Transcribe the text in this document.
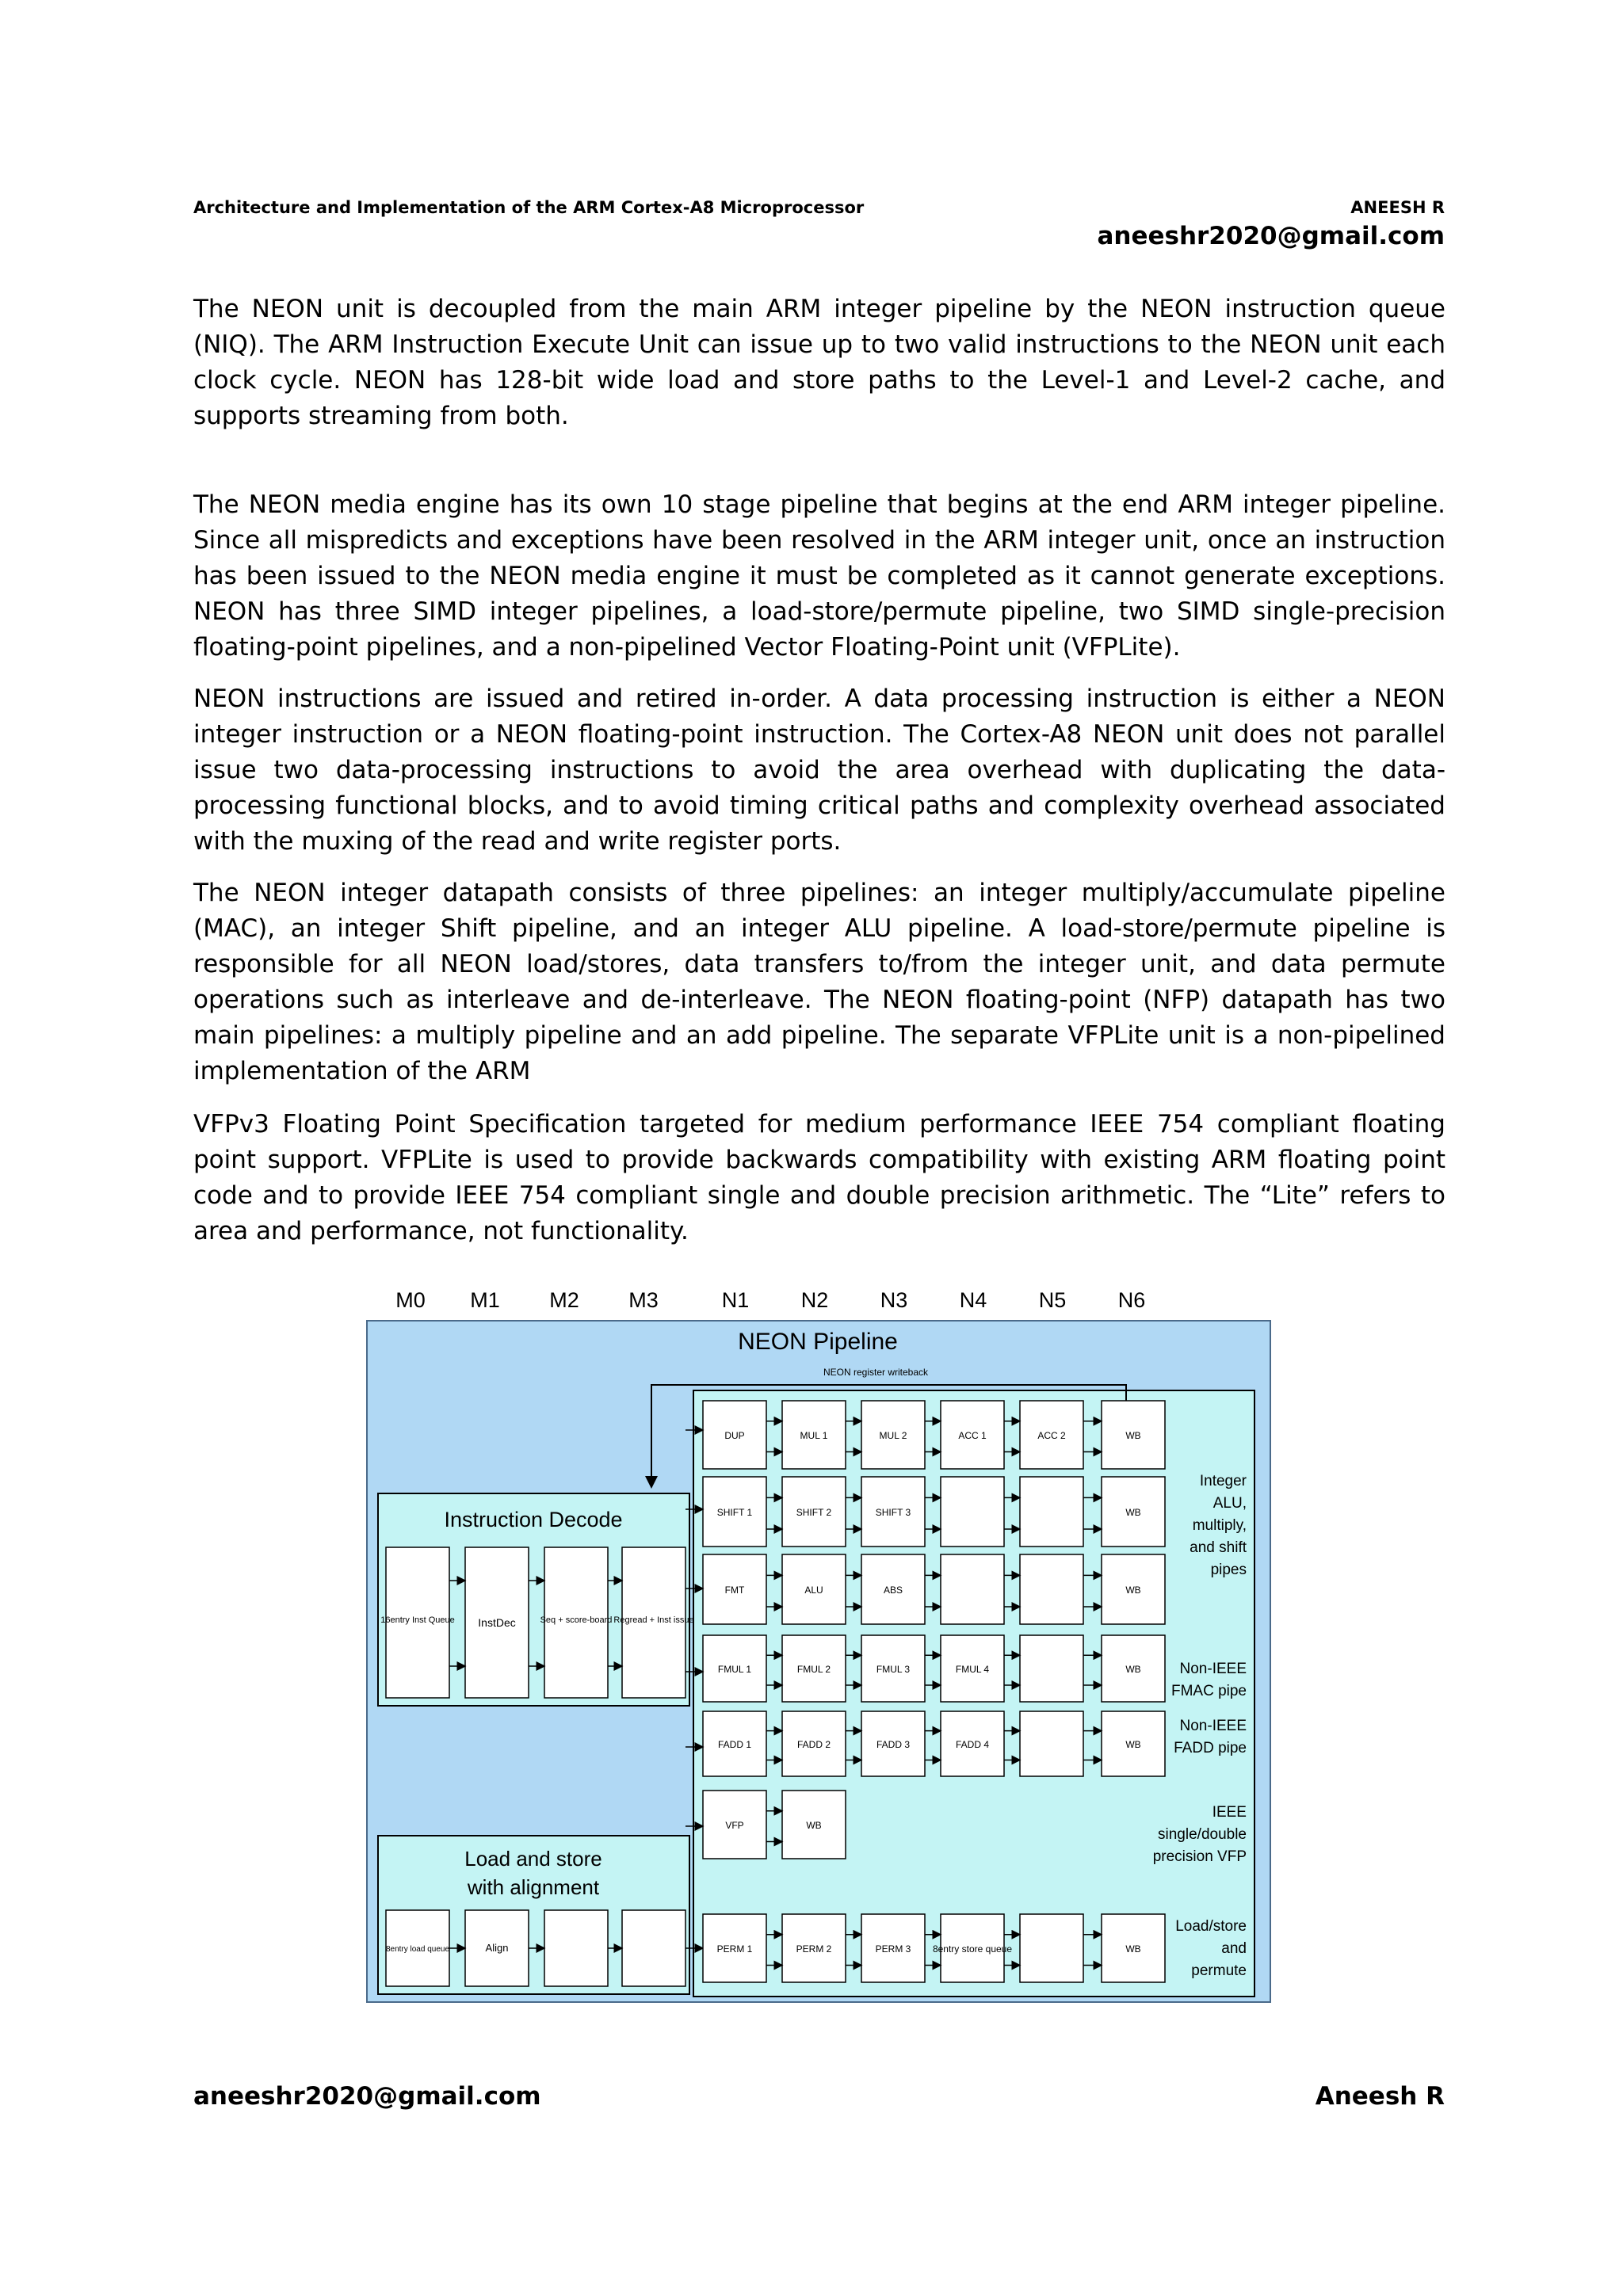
Architecture and Implementation of the ARM Cortex-A8 Microprocessor	ANEESH R
aneeshr2020@gmail.com

The NEON unit is decoupled from the main ARM integer pipeline by the NEON instruction queue (NIQ). The ARM Instruction Execute Unit can issue up to two valid instructions to the NEON unit each clock cycle. NEON has 128-bit wide load and store paths to the Level-1 and Level-2 cache, and supports streaming from both.

The NEON media engine has its own 10 stage pipeline that begins at the end ARM integer pipeline. Since all mispredicts and exceptions have been resolved in the ARM integer unit, once an instruction has been issued to the NEON media engine it must be completed as it cannot generate exceptions. NEON has three SIMD integer pipelines, a load-store/permute pipeline, two SIMD single-precision floating-point pipelines, and a non-pipelined Vector Floating-Point unit (VFPLite).

NEON instructions are issued and retired in-order. A data processing instruction is either a NEON integer instruction or a NEON floating-point instruction. The Cortex-A8 NEON unit does not parallel issue two data-processing instructions to avoid the area overhead with duplicating the data-processing functional blocks, and to avoid timing critical paths and complexity overhead associated with the muxing of the read and write register ports.

The NEON integer datapath consists of three pipelines: an integer multiply/accumulate pipeline (MAC), an integer Shift pipeline, and an integer ALU pipeline. A load-store/permute pipeline is responsible for all NEON load/stores, data transfers to/from the integer unit, and data permute operations such as interleave and de-interleave. The NEON floating-point (NFP) datapath has two main pipelines: a multiply pipeline and an add pipeline. The separate VFPLite unit is a non-pipelined implementation of the ARM

VFPv3 Floating Point Specification targeted for medium performance IEEE 754 compliant floating point support. VFPLite is used to provide backwards compatibility with existing ARM floating point code and to provide IEEE 754 compliant single and double precision arithmetic. The “Lite” refers to area and performance, not functionality.

M0 M1 M2 M3	N1 N2 N3 N4 N5 N6
NEON Pipeline
NEON register writeback
Instruction Decode
16entry Inst Queue InstDec	Seq + score-board Regread + Inst issue
Load and store
with alignment
8entry load queue	Align
DUP	MUL 1	MUL 2	ACC 1	ACC 2	WB
SHIFT 1	SHIFT 2	SHIFT 3	WB
FMT	ALU	ABS	WB
FMUL 1	FMUL 2	FMUL 3	FMUL 4	WB
FADD 1	FADD 2	FADD 3	FADD 4	WB
VFP	WB
PERM 1	PERM 2	PERM 3 8entry store queue	WB
Integer
ALU,
multiply,
and shift
pipes
Non-IEEE
FMAC pipe
Non-IEEE
FADD pipe
IEEE
single/double
precision VFP
Load/store
and
permute
aneeshr2020@gmail.com	Aneesh R
